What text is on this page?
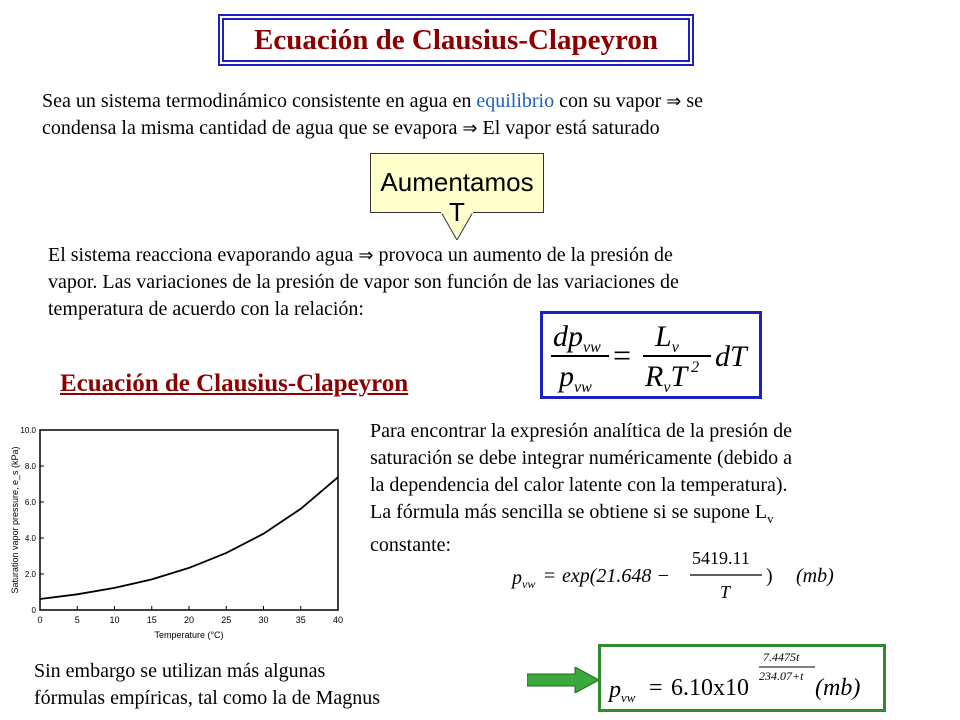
Ecuación de Clausius-Clapeyron
Sea un sistema termodinámico consistente en agua en equilibrio con su vapor ⇒ se
condensa la misma cantidad de agua que se evapora ⇒ El vapor está saturado
Aumentamos
T
El sistema reacciona evaporando agua ⇒ provoca un aumento de la presión de
vapor. Las variaciones de la presión de vapor son función de las variaciones de
temperatura de acuerdo con la relación:
$dp_{vw}$
$p_{vw}$
=
$L_v$
$R_vT$ $^2$ dT
Ecuación de Clausius-Clapeyron
0	5	10	15	20	25	30	35	40
0
2.0
4.0
6.0
8.0
10.0
Temperature (°C)
Saturation vapor pressure, e_s (kPa)
Para encontrar la expresión analítica de la presión de
saturación se debe integrar numéricamente (debido a
la dependencia del calor latente con la temperatura).
La fórmula más sencilla se obtiene si se supone $L_v$
constante:
$p_{vw} = \exp(21.648$ −
5419.11
T
) (mb)
Sin embargo se utilizan más algunas
fórmulas empíricas, tal como la de Magnus	$p_{vw} = 6.10x10$
7.4475t
234.07+t (mb)
